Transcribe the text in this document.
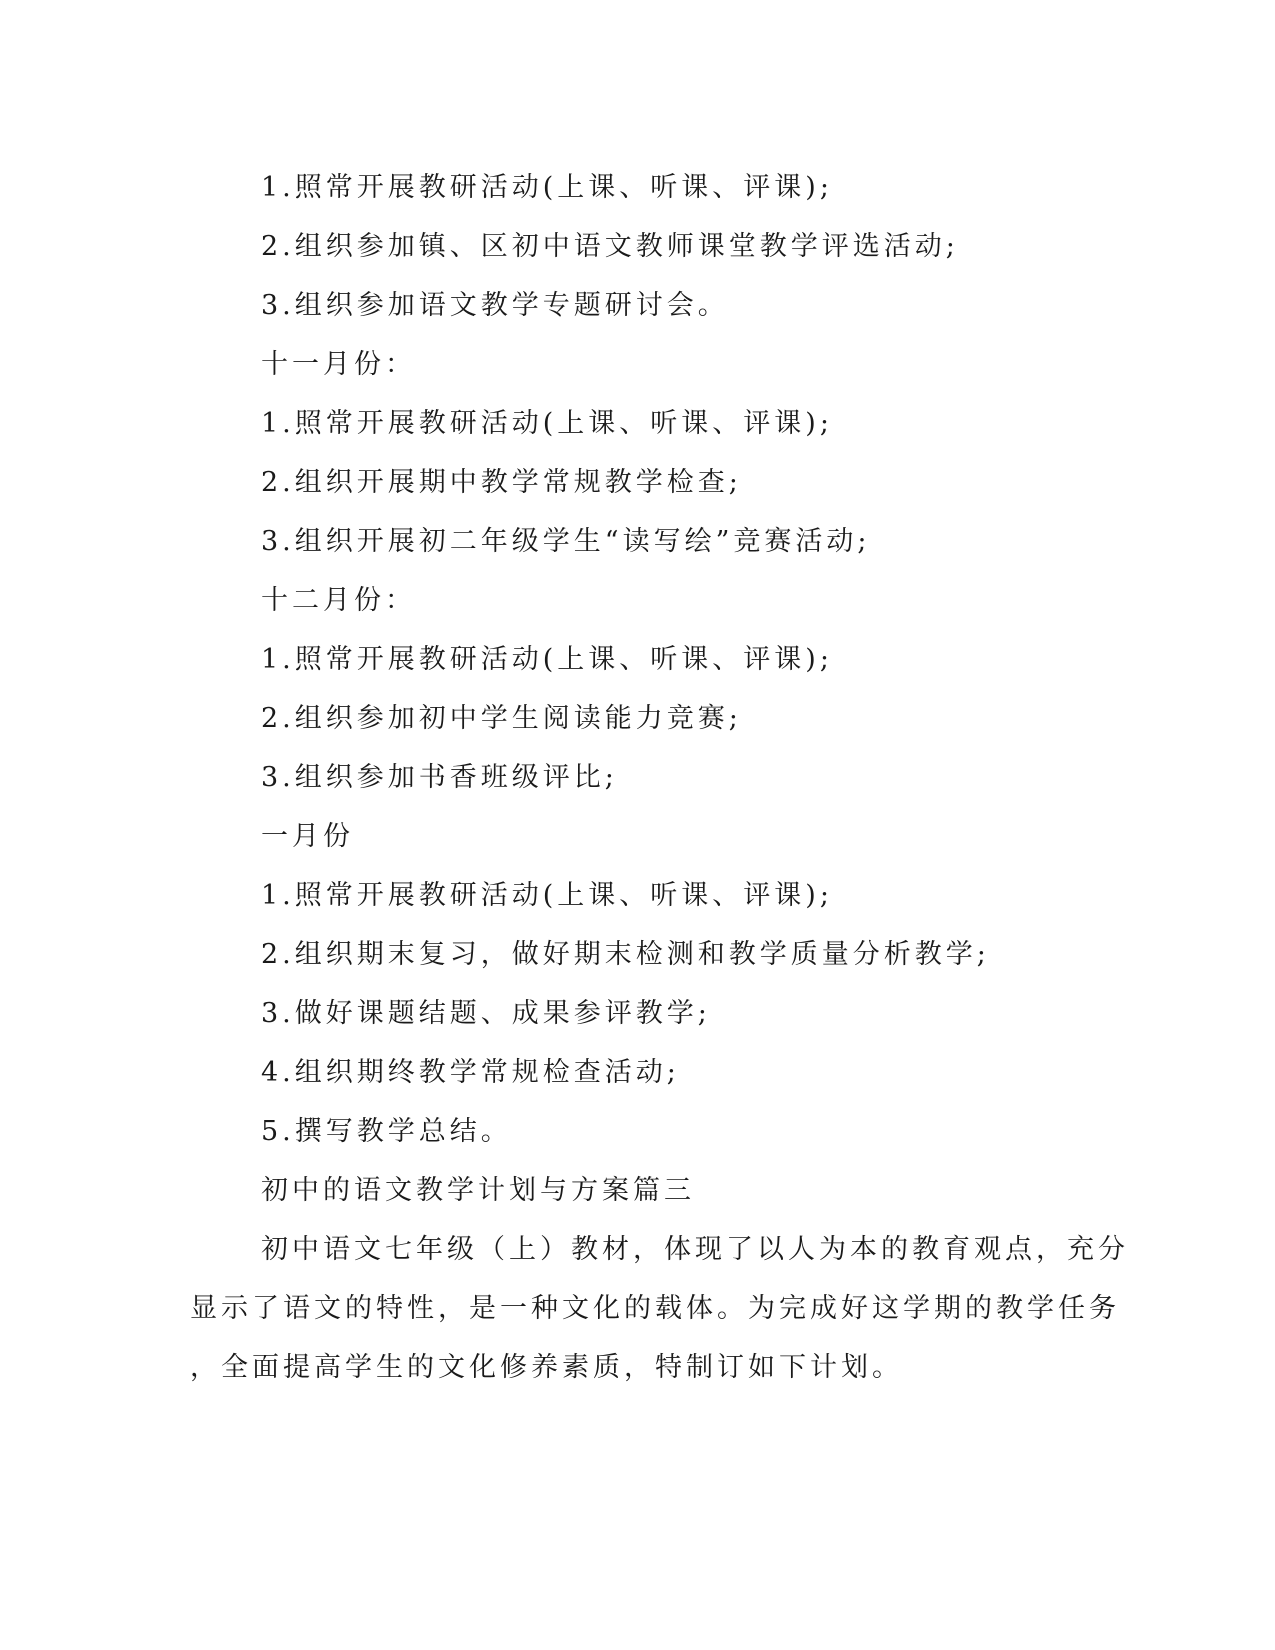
1.照常开展教研活动(上课、听课、评课);

2.组织参加镇、区初中语文教师课堂教学评选活动;

3.组织参加语文教学专题研讨会。

十一月份：

1.照常开展教研活动(上课、听课、评课);

2.组织开展期中教学常规教学检查;

3.组织开展初二年级学生“读写绘”竞赛活动;

十二月份：

1.照常开展教研活动(上课、听课、评课);

2.组织参加初中学生阅读能力竞赛;

3.组织参加书香班级评比;

一月份

1.照常开展教研活动(上课、听课、评课);

2.组织期末复习，做好期末检测和教学质量分析教学;

3.做好课题结题、成果参评教学;

4.组织期终教学常规检查活动;

5.撰写教学总结。

初中的语文教学计划与方案篇三

初中语文七年级（上）教材，体现了以人为本的教育观点，充分

显示了语文的特性，是一种文化的载体。为完成好这学期的教学任务

，全面提高学生的文化修养素质，特制订如下计划。
